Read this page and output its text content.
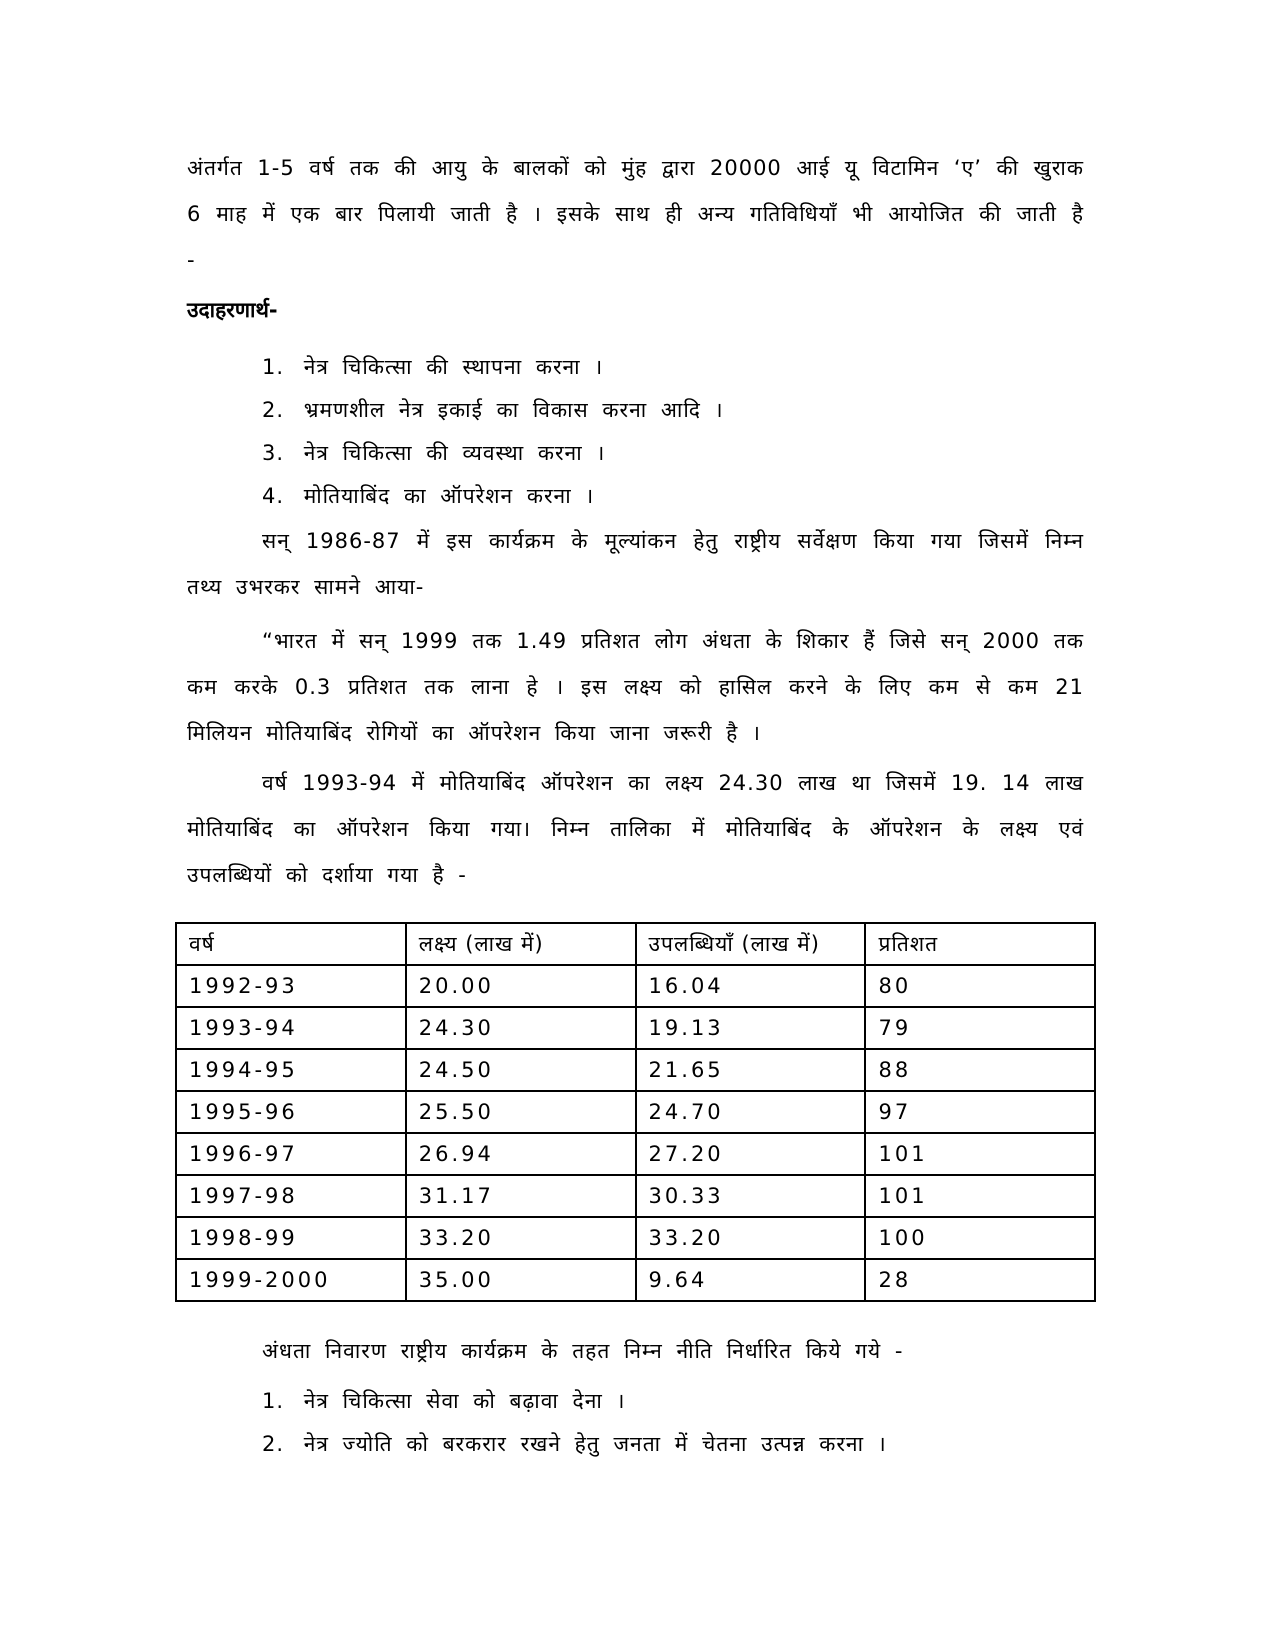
अंतर्गत 1-5 वर्ष तक की आयु के बालकों को मुंह द्वारा 20000 आई यू विटामिन ‘ए’ की खुराक 6 माह में एक बार पिलायी जाती है । इसके साथ ही अन्य गतिविधियाँ भी आयोजित की जाती है -

उदाहरणार्थ-

1. नेत्र चिकित्सा की स्थापना करना ।
2. भ्रमणशील नेत्र इकाई का विकास करना आदि ।
3. नेत्र चिकित्सा की व्यवस्था करना ।
4. मोतियाबिंद का ऑपरेशन करना ।

सन् 1986-87 में इस कार्यक्रम के मूल्यांकन हेतु राष्ट्रीय सर्वेक्षण किया गया जिसमें निम्न तथ्य उभरकर सामने आया-

“भारत में सन् 1999 तक 1.49 प्रतिशत लोग अंधता के शिकार हैं जिसे सन् 2000 तक कम करके 0.3 प्रतिशत तक लाना हे । इस लक्ष्य को हासिल करने के लिए कम से कम 21 मिलियन मोतियाबिंद रोगियों का ऑपरेशन किया जाना जरूरी है ।

वर्ष 1993-94 में मोतियाबिंद ऑपरेशन का लक्ष्य 24.30 लाख था जिसमें 19. 14 लाख मोतियाबिंद का ऑपरेशन किया गया। निम्न तालिका में मोतियाबिंद के ऑपरेशन के लक्ष्य एवं उपलब्धियों को दर्शाया गया है -

वर्ष	लक्ष्य (लाख में)	उपलब्धियाँ (लाख में)	प्रतिशत
1992-93	20.00	16.04	80
1993-94	24.30	19.13	79
1994-95	24.50	21.65	88
1995-96	25.50	24.70	97
1996-97	26.94	27.20	101
1997-98	31.17	30.33	101
1998-99	33.20	33.20	100
1999-2000	35.00	9.64	28

अंधता निवारण राष्ट्रीय कार्यक्रम के तहत निम्न नीति निर्धारित किये गये -

1. नेत्र चिकित्सा सेवा को बढ़ावा देना ।
2. नेत्र ज्योति को बरकरार रखने हेतु जनता में चेतना उत्पन्न करना ।
